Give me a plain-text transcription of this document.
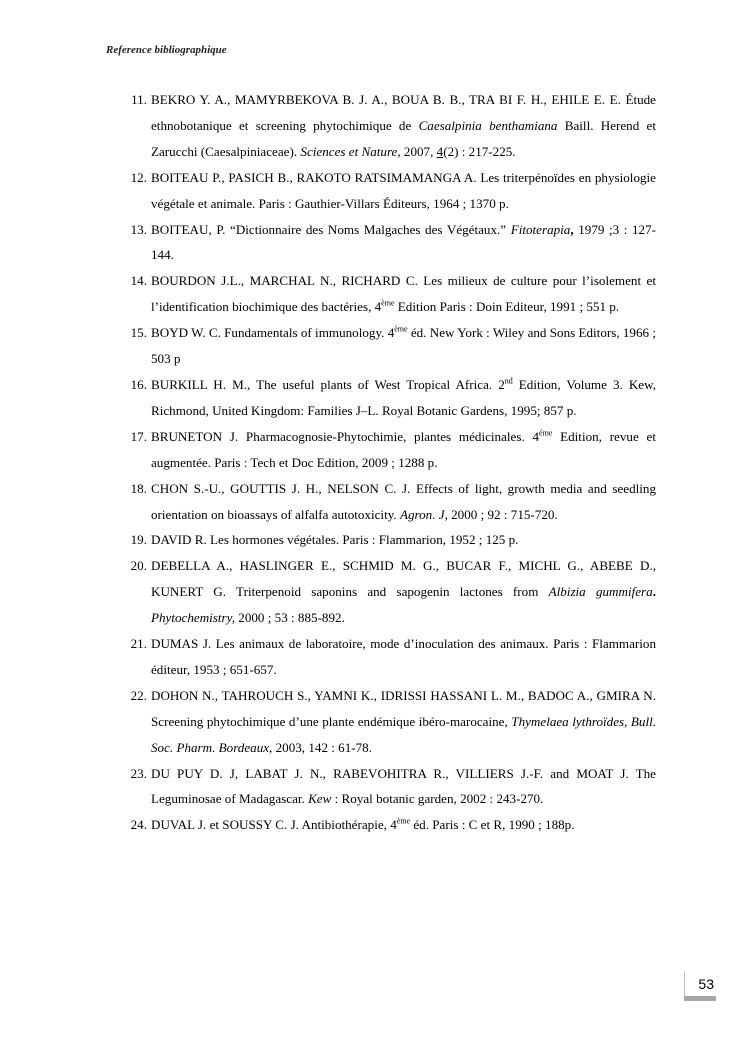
Reference bibliographique
11. BEKRO Y. A., MAMYRBEKOVA B. J. A., BOUA B. B., TRA BI F. H., EHILE E. E. Étude ethnobotanique et screening phytochimique de Caesalpinia benthamiana Baill. Herend et Zarucchi (Caesalpiniaceae). Sciences et Nature, 2007, 4(2) : 217-225.
12. BOITEAU P., PASICH B., RAKOTO RATSIMAMANGA A. Les triterpénoïdes en physiologie végétale et animale. Paris : Gauthier-Villars Éditeurs, 1964 ; 1370 p.
13. BOITEAU, P. “Dictionnaire des Noms Malgaches des Végétaux.” Fitoterapia, 1979 ;3 : 127-144.
14. BOURDON J.L., MARCHAL N., RICHARD C. Les milieux de culture pour l’isolement et l’identification biochimique des bactéries, 4ème Edition Paris : Doin Editeur, 1991 ; 551 p.
15. BOYD W. C. Fundamentals of immunology. 4ème éd. New York : Wiley and Sons Editors, 1966 ; 503 p
16. BURKILL H. M., The useful plants of West Tropical Africa. 2nd Edition, Volume 3. Kew, Richmond, United Kingdom: Families J–L. Royal Botanic Gardens, 1995; 857 p.
17. BRUNETON J. Pharmacognosie-Phytochimie, plantes médicinales. $4^{éme}$ Edition, revue et augmentée. Paris : Tech et Doc Edition, 2009 ; 1288 p.
18. CHON S.-U., GOUTTIS J. H., NELSON C. J. Effects of light, growth media and seedling orientation on bioassays of alfalfa autotoxicity. Agron. J, 2000 ; 92 : 715-720.
19. DAVID R. Les hormones végétales. Paris : Flammarion, 1952 ; 125 p.
20. DEBELLA A., HASLINGER E., SCHMID M. G., BUCAR F., MICHL G., ABEBE D., KUNERT G. Triterpenoid saponins and sapogenin lactones from Albizia gummifera. Phytochemistry, 2000 ; 53 : 885-892.
21. DUMAS J. Les animaux de laboratoire, mode d’inoculation des animaux. Paris : Flammarion éditeur, 1953 ; 651-657.
22. DOHON N., TAHROUCH S., YAMNI K., IDRISSI HASSANI L. M., BADOC A., GMIRA N. Screening phytochimique d’une plante endémique ibéro-marocaine, Thymelaea lythroïdes, Bull. Soc. Pharm. Bordeaux, 2003, 142 : 61-78.
23. DU PUY D. J, LABAT J. N., RABEVOHITRA R., VILLIERS J.-F. and MOAT J. The Leguminosae of Madagascar. Kew : Royal botanic garden, 2002 : 243-270.
24. DUVAL J. et SOUSSY C. J. Antibiothérapie, 4ème éd. Paris : C et R, 1990 ; 188p.
53
